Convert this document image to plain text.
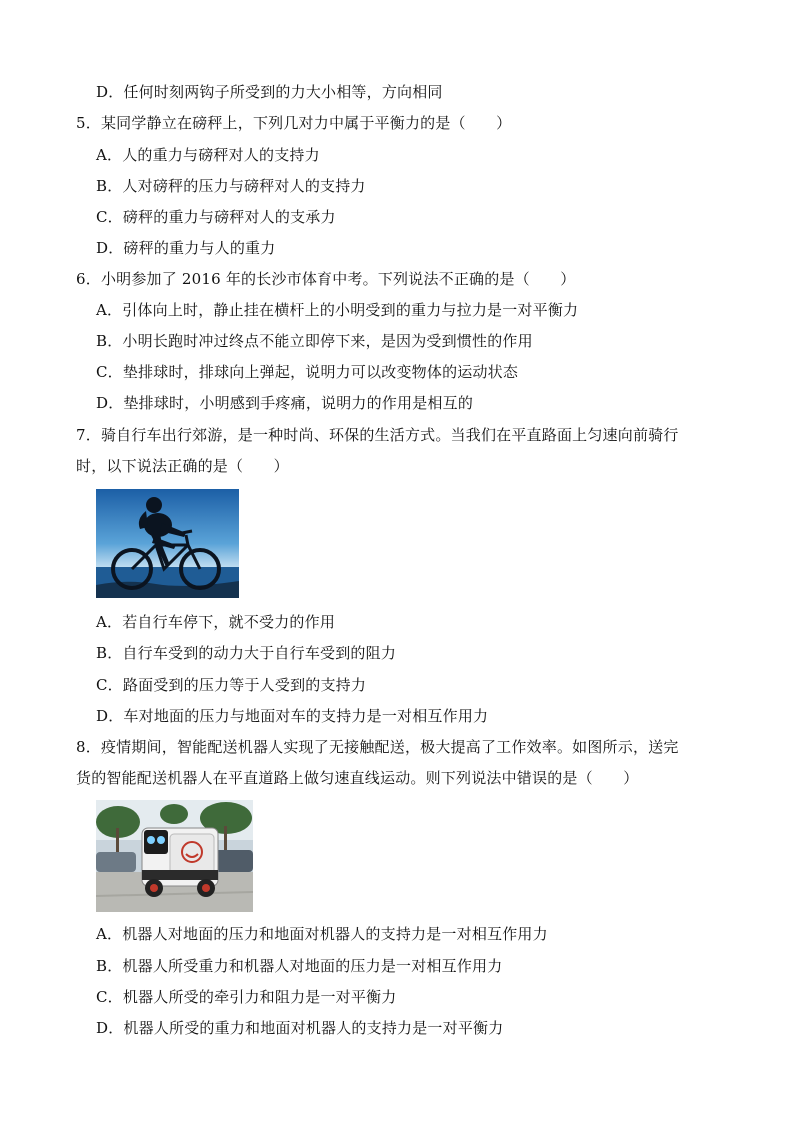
D．任何时刻两钩子所受到的力大小相等，方向相同
5．某同学静立在磅秤上，下列几对力中属于平衡力的是（　　）
A．人的重力与磅秤对人的支持力
B．人对磅秤的压力与磅秤对人的支持力
C．磅秤的重力与磅秤对人的支承力
D．磅秤的重力与人的重力
6．小明参加了 2016 年的长沙市体育中考。下列说法不正确的是（　　）
A．引体向上时，静止挂在横杆上的小明受到的重力与拉力是一对平衡力
B．小明长跑时冲过终点不能立即停下来，是因为受到惯性的作用
C．垫排球时，排球向上弹起，说明力可以改变物体的运动状态
D．垫排球时，小明感到手疼痛，说明力的作用是相互的
7．骑自行车出行郊游，是一种时尚、环保的生活方式。当我们在平直路面上匀速向前骑行
时，以下说法正确的是（　　）
A．若自行车停下，就不受力的作用
B．自行车受到的动力大于自行车受到的阻力
C．路面受到的压力等于人受到的支持力
D．车对地面的压力与地面对车的支持力是一对相互作用力
8．疫情期间，智能配送机器人实现了无接触配送，极大提高了工作效率。如图所示，送完
货的智能配送机器人在平直道路上做匀速直线运动。则下列说法中错误的是（　　）
A．机器人对地面的压力和地面对机器人的支持力是一对相互作用力
B．机器人所受重力和机器人对地面的压力是一对相互作用力
C．机器人所受的牵引力和阻力是一对平衡力
D．机器人所受的重力和地面对机器人的支持力是一对平衡力
